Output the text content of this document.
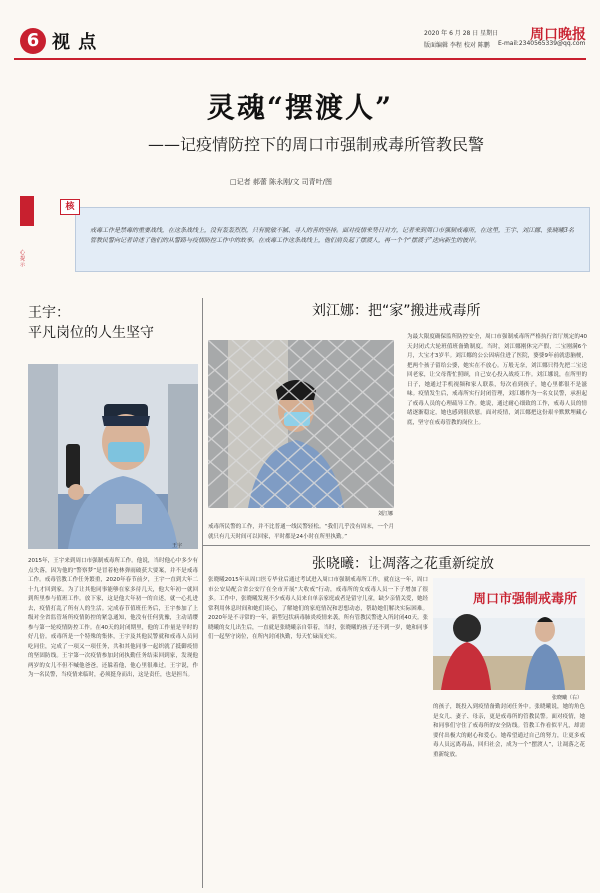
6 视 点	2020 年 6 月 28 日 星期日
版面编辑 李程 校对 陈鹏 E-mail:2340565339@qq.com
周口晚报
灵魂“摆渡人”
——记疫情防控下的周口市强制戒毒所管教民警
□记者 郝蕾 陈永刚/文 司青叶/图
戒毒工作是禁毒的重要战线，在这条战线上，没有轰轰烈烈，只有脱敏不腻、寻人的善的坚持。面对疫情来势日对方，记者来到周口市强制戒毒所，在这里，王宇、刘江娜、张晓曦3名管教民警向记者讲述了他们的从警路与疫情防控工作中的故事。在戒毒工作这条战线上，他们肩负起了摆渡人，再一个个“摆渡子”送向新生的彼岸。
核
心提示
王宇：
平凡岗位的人生坚守
王宇
2015年，王宇来到周口市强制戒毒所工作。他说，当时他心中多少有点失落，因为他的“警察梦”是冒着枪林弹雨破获大要案，并不是戒毒工作。戒毒管教工作任务繁重，2020年春节前夕，王宇一直到大年二十九才回到家。为了让其他同事能够在家多待几天，他大年初一就回到所里参与值班工作。放下家，这是他大年初一的自述，就一心扎进去，疫情打乱了所有人的生活。完成春节值班任务后，王宇参加了上级对全省监管场所疫情防控的紧急通知，他没有任何犹豫，主动请缨参与第一轮疫情防控工作。在40天的封闭期里，他的工作量是平时的好几倍。戒毒所是一个特殊的集体，王宇及其他民警就和戒毒人员同吃同住，完成了一项又一项任务，共和其他同事一起织就了抵御疫情的坚固防线。王宇第一次疫情参加封闭执勤任务结束回到家，发现他两岁的女儿不但不喊他爸爸，还躲着他，他心里很难过。王宇说，作为一名民警，当疫情来临时，必须挺身而出，这是责任，也是担当。
刘江娜：把“家”搬进戒毒所
刘江娜
为最大限度确保监所防控安全，周口市强制戒毒所严格执行省厅规定的40天封闭式大轮班值班备勤制度。当时，刘江娜刚休完产假，二宝刚满6个月，大宝才3岁半。刘江娜的公公因病住进了医院，婆婆9年前就患脑梗，把两个孩子留给公婆，她实在不放心。万般无奈，刘江娜只得先把二宝送回老家，让父母帮忙照顾，自己安心投入战疫工作。刘江娜说，在所里的日子，她通过手机视频和家人联系，每次看到孩子，她心里都很不是滋味。疫情发生后，戒毒所实行封闭管理，刘江娜作为一名女民警，承担起了戒毒人员的心理疏导工作。她说，通过耐心细致的工作，戒毒人员的情绪逐渐稳定，她也感到很欣慰。面对疫情，刘江娜把这份艰辛默默埋藏心底，坚守在戒毒管教的岗位上。
戒毒所民警的工作，并不比普通一线民警轻松。“我们几乎没有周末，一个月就只有几天时间可以回家，平时都是24小时在所里执勤。”
张晓曦：让凋落之花重新绽放
周口市强制戒毒所
张晓曦（右）
张晓曦2015年从周口医专毕业后通过考试进入周口市强制戒毒所工作，就在这一年，周口市公安局配合省公安厅在全市开展“大收戒”行动，戒毒所的女戒毒人员一下子增加了很多。工作中，张晓曦发现不少戒毒人员来自单亲家庭或者是留守儿童，缺少亲情关爱，她经常利用休息时间和她们谈心，了解她们的家庭情况和思想动态，帮助她们解决实际困难。2020年是不寻常的一年，新型冠状病毒肺炎疫情来袭，所有管教民警进入所封闭40天。张晓曦的女儿出生后，一直就是张晓曦亲自带着，当时，张晓曦的孩子还不到一岁，她和同事们一起坚守岗位，在所内封闭执勤，每天忙碌而充实。
的孩子，既投入到疫情备勤封闭任务中。张晓曦说，她的角色是女儿、妻子、母亲，更是戒毒所的管教民警。面对疫情，她和同事们守住了戒毒所的安全防线。管教工作看似平凡，却需要付出极大的耐心和爱心。她希望通过自己的努力，让更多戒毒人员远离毒品，回归社会，成为一个“摆渡人”，让凋落之花重新绽放。
